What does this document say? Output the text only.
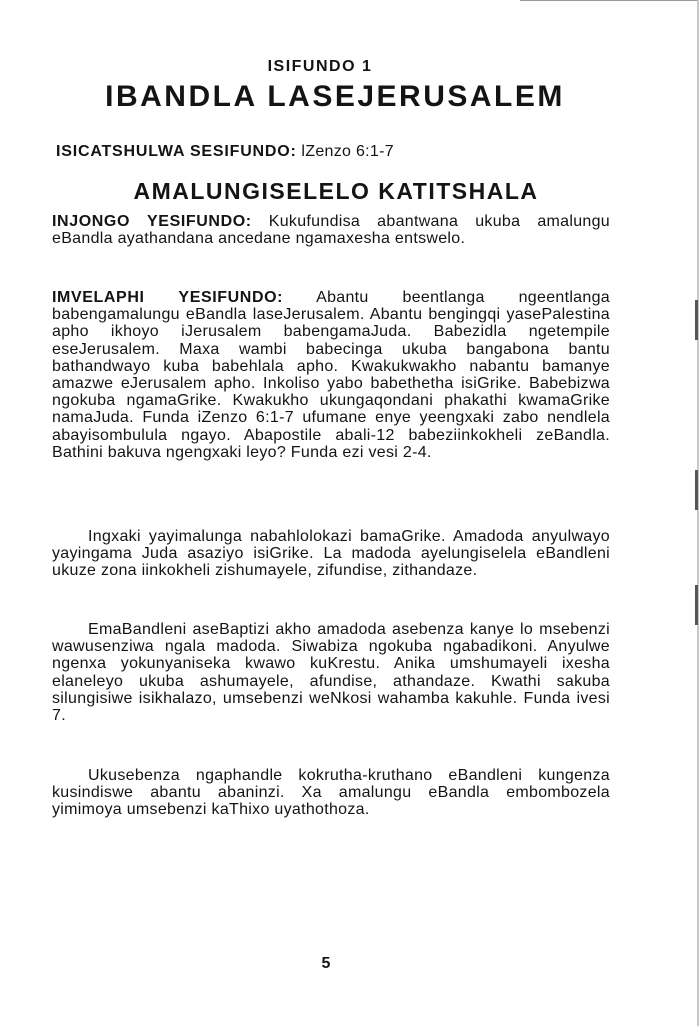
ISIFUNDO 1
IBANDLA LASEJERUSALEM
ISICATSHULWA SESIFUNDO: lZenzo 6:1-7
AMALUNGISELELO KATITSHALA

INJONGO YESIFUNDO: Kukufundisa abantwana ukuba amalungu eBandla ayathandana ancedane ngamaxesha entswelo.

IMVELAPHI YESIFUNDO: Abantu beentlanga ngeentlanga babengamalungu eBandla laseJerusalem. Abantu bengingqi yasePalestina apho ikhoyo iJerusalem babengamaJuda. Babezidla ngetempile eseJerusalem. Maxa wambi babecinga ukuba bangabona bantu bathandwayo kuba babehlala apho. Kwakukwakho nabantu bamanye amazwe eJerusalem apho. Inkoliso yabo babethetha isiGrike. Babebizwa ngokuba ngamaGrike. Kwakukho ukungaqondani phakathi kwamaGrike namaJuda. Funda iZenzo 6:1-7 ufumane enye yeengxaki zabo nendlela abayisombulula ngayo. Abapostile abali-12 babeziinkokheli zeBandla. Bathini bakuva ngengxaki leyo? Funda ezi vesi 2-4.

Ingxaki yayimalunga nabahlolokazi bamaGrike. Amadoda anyulwayo yayingama Juda asaziyo isiGrike. La madoda ayelungiselela eBandleni ukuze zona iinkokheli zishumayele, zifundise, zithandaze.

EmaBandleni aseBaptizi akho amadoda asebenza kanye lo msebenzi wawusenziwa ngala madoda. Siwabiza ngokuba ngabadikoni. Anyulwe ngenxa yokunyaniseka kwawo kuKrestu. Anika umshumayeli ixesha elaneleyo ukuba ashumayele, afundise, athandaze. Kwathi sakuba silungisiwe isikhalazo, umsebenzi weNkosi wahamba kakuhle. Funda ivesi 7.

Ukusebenza ngaphandle kokrutha-kruthano eBandleni kungenza kusindiswe abantu abaninzi. Xa amalungu eBandla embombozela yimimoya umsebenzi kaThixo uyathothoza.

5
